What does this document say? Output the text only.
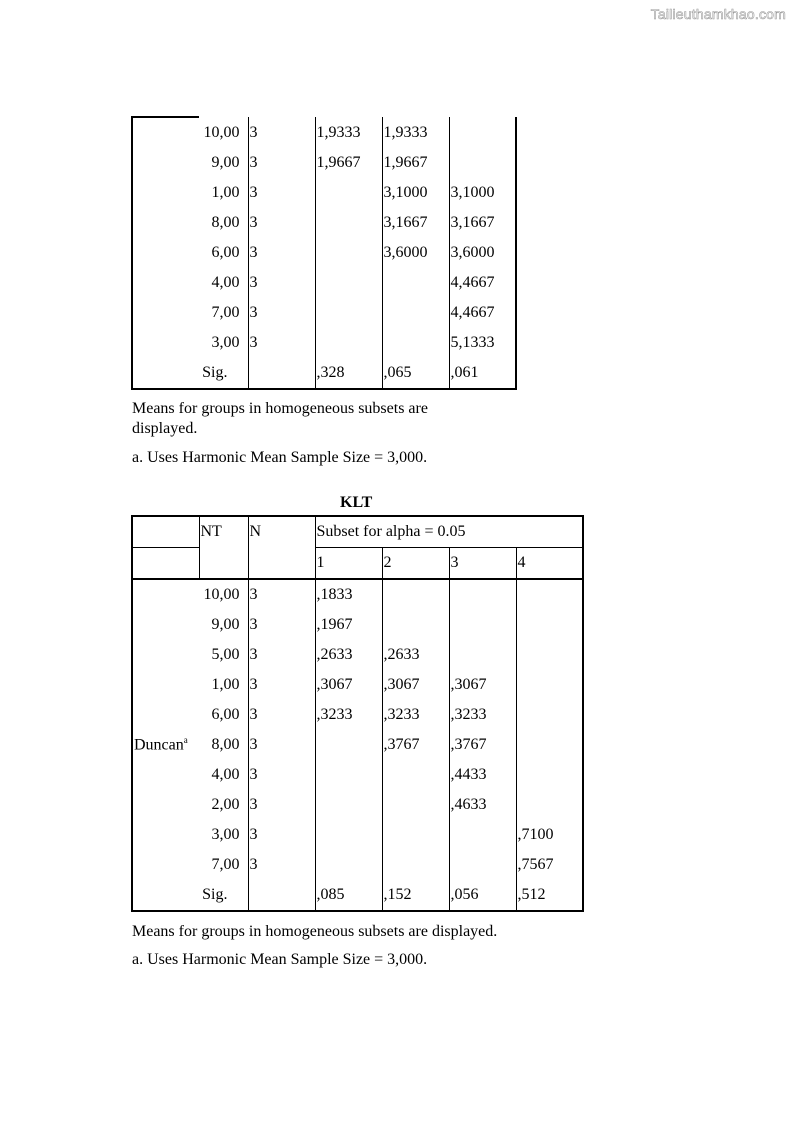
Tailieuthamkhao.com
	10,00	3	1,9333	1,9333	
	9,00	3	1,9667	1,9667	
	1,00	3		3,1000	3,1000
	8,00	3		3,1667	3,1667
	6,00	3		3,6000	3,6000
	4,00	3			4,4667
	7,00	3			4,4667
	3,00	3			5,1333
	Sig.		,328	,065	,061
Means for groups in homogeneous subsets are displayed.
a. Uses Harmonic Mean Sample Size = 3,000.
KLT
	NT	N	Subset for alpha = 0.05			
			1	2	3	4
	10,00	3	,1833			
	9,00	3	,1967			
	5,00	3	,2633	,2633		
	1,00	3	,3067	,3067	,3067	
	6,00	3	,3233	,3233	,3233	
Duncan$^a$	8,00	3		,3767	,3767	
	4,00	3			,4433	
	2,00	3			,4633	
	3,00	3				,7100
	7,00	3				,7567
	Sig.		,085	,152	,056	,512
Means for groups in homogeneous subsets are displayed.
a. Uses Harmonic Mean Sample Size = 3,000.
